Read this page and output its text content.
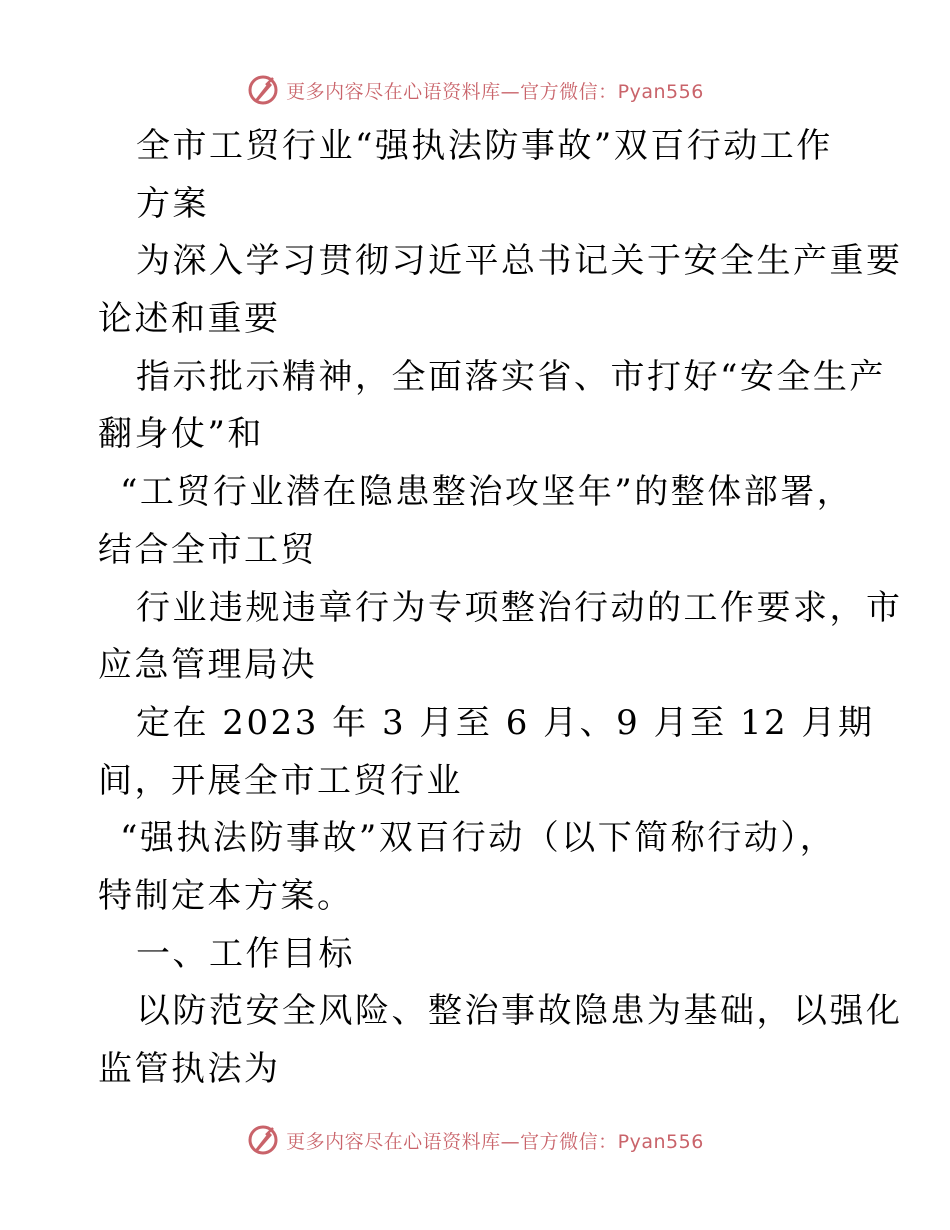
更多内容尽在心语资料库—官方微信：Pyan556
全市工贸行业“强执法防事故”双百行动工作
方案
为深入学习贯彻习近平总书记关于安全生产重要
论述和重要
指示批示精神，全面落实省、市打好“安全生产
翻身仗”和
“工贸行业潜在隐患整治攻坚年”的整体部署，
结合全市工贸
行业违规违章行为专项整治行动的工作要求，市
应急管理局决
定在 2023 年 3 月至 6 月、9 月至 12 月期
间，开展全市工贸行业
“强执法防事故”双百行动（以下简称行动），
特制定本方案。
一、工作目标
以防范安全风险、整治事故隐患为基础，以强化
监管执法为
更多内容尽在心语资料库—官方微信：Pyan556
